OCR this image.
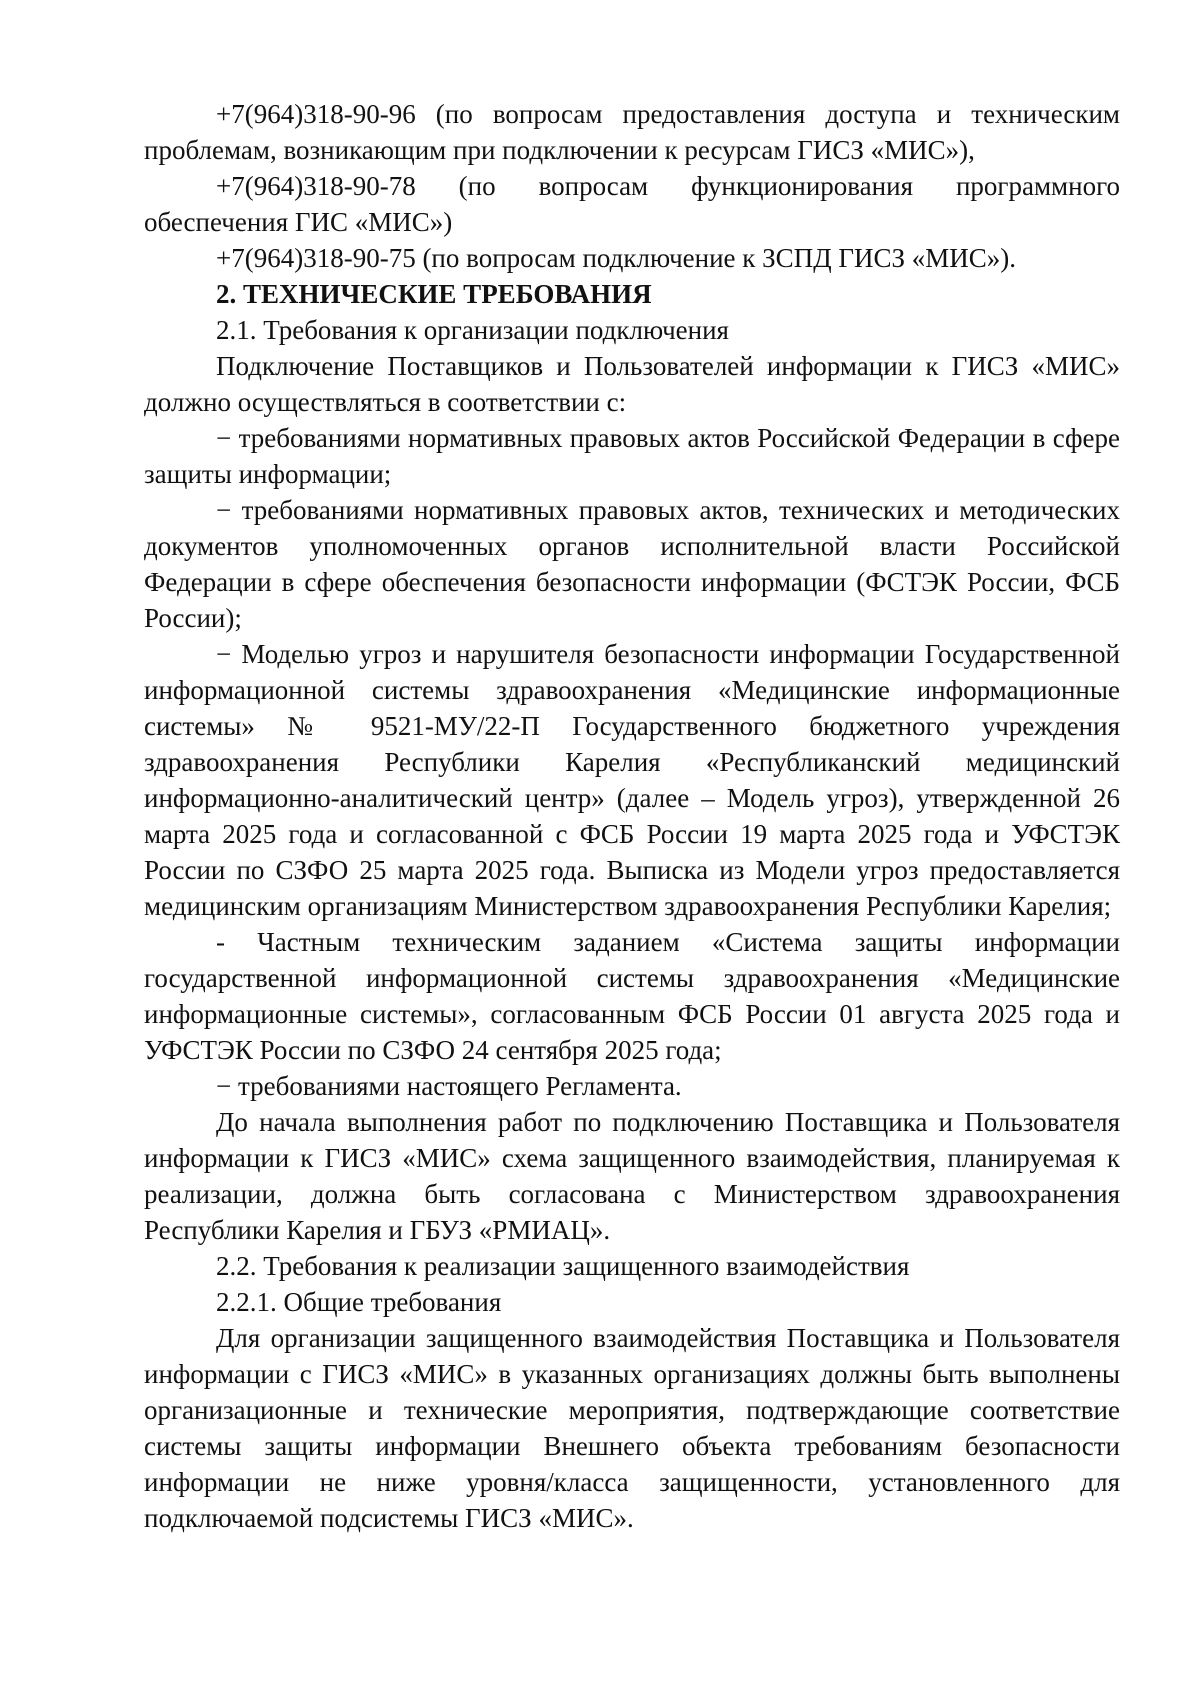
+7(964)318-90-96 (по вопросам предоставления доступа и техническим проблемам, возникающим при подключении к ресурсам ГИСЗ «МИС»),

+7(964)318-90-78 (по вопросам функционирования программного обеспечения ГИС «МИС»)

+7(964)318-90-75 (по вопросам подключение к ЗСПД ГИСЗ «МИС»).

2. ТЕХНИЧЕСКИЕ ТРЕБОВАНИЯ

2.1. Требования к организации подключения

Подключение Поставщиков и Пользователей информации к ГИСЗ «МИС» должно осуществляться в соответствии с:

− требованиями нормативных правовых актов Российской Федерации в сфере защиты информации;

− требованиями нормативных правовых актов, технических и методических документов уполномоченных органов исполнительной власти Российской Федерации в сфере обеспечения безопасности информации (ФСТЭК России, ФСБ России);

− Моделью угроз и нарушителя безопасности информации Государственной информационной системы здравоохранения «Медицинские информационные системы» № 9521-МУ/22-П Государственного бюджетного учреждения здравоохранения Республики Карелия «Республиканский медицинский информационно-аналитический центр» (далее – Модель угроз), утвержденной 26 марта 2025 года и согласованной с ФСБ России 19 марта 2025 года и УФСТЭК России по СЗФО 25 марта 2025 года. Выписка из Модели угроз предоставляется медицинским организациям Министерством здравоохранения Республики Карелия;

- Частным техническим заданием «Система защиты информации государственной информационной системы здравоохранения «Медицинские информационные системы», согласованным ФСБ России 01 августа 2025 года и УФСТЭК России по СЗФО 24 сентября 2025 года;

− требованиями настоящего Регламента.

До начала выполнения работ по подключению Поставщика и Пользователя информации к ГИСЗ «МИС» схема защищенного взаимодействия, планируемая к реализации, должна быть согласована с Министерством здравоохранения Республики Карелия и ГБУЗ «РМИАЦ».

2.2. Требования к реализации защищенного взаимодействия

2.2.1. Общие требования

Для организации защищенного взаимодействия Поставщика и Пользователя информации с ГИСЗ «МИС» в указанных организациях должны быть выполнены организационные и технические мероприятия, подтверждающие соответствие системы защиты информации Внешнего объекта требованиям безопасности информации не ниже уровня/класса защищенности, установленного для подключаемой подсистемы ГИСЗ «МИС».
